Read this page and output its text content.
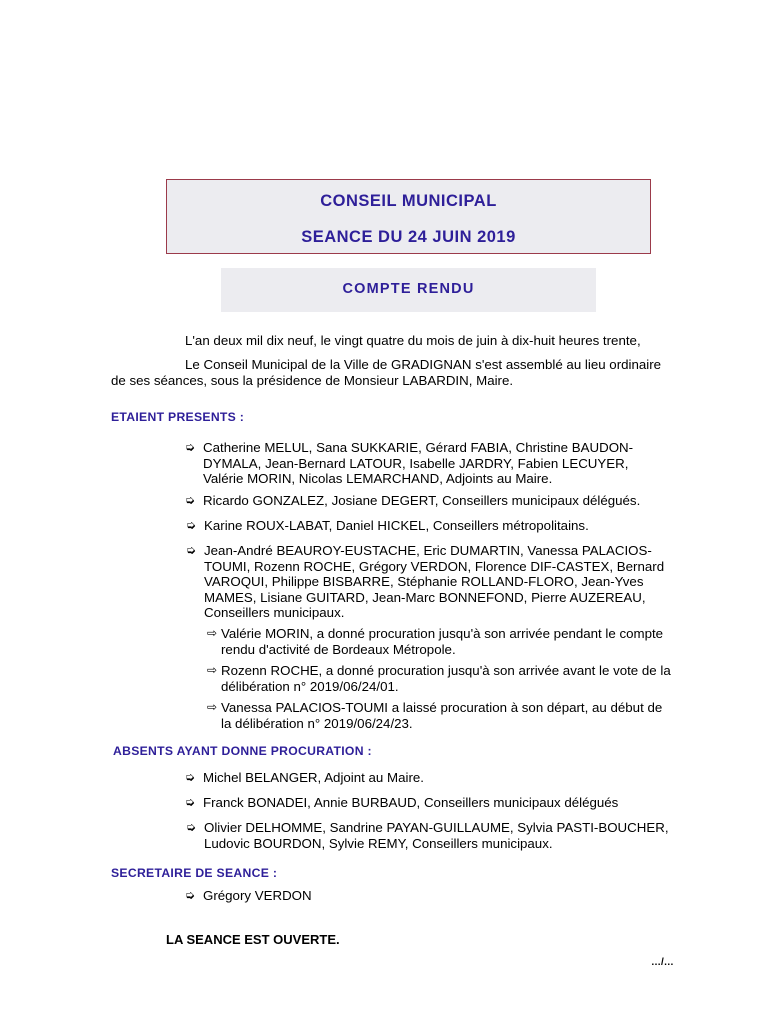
CONSEIL MUNICIPAL
SEANCE DU 24 JUIN 2019
COMPTE RENDU
L'an deux mil dix neuf, le vingt quatre du mois de juin à dix-huit heures trente,
Le Conseil Municipal de la Ville de GRADIGNAN s'est assemblé au lieu ordinaire
de ses séances, sous la présidence de Monsieur LABARDIN, Maire.
ETAIENT PRESENTS :
➭ Catherine MELUL, Sana SUKKARIE, Gérard FABIA, Christine BAUDON-
DYMALA, Jean-Bernard LATOUR, Isabelle JARDRY, Fabien LECUYER,
Valérie MORIN, Nicolas LEMARCHAND, Adjoints au Maire.
➭ Ricardo GONZALEZ, Josiane DEGERT, Conseillers municipaux délégués.
➭ Karine ROUX-LABAT, Daniel HICKEL, Conseillers métropolitains.
➭ Jean-André BEAUROY-EUSTACHE, Eric DUMARTIN, Vanessa PALACIOS-
TOUMI, Rozenn ROCHE, Grégory VERDON, Florence DIF-CASTEX, Bernard
VAROQUI, Philippe BISBARRE, Stéphanie ROLLAND-FLORO, Jean-Yves
MAMES, Lisiane GUITARD, Jean-Marc BONNEFOND, Pierre AUZEREAU,
Conseillers municipaux.
⇨ Valérie MORIN, a donné procuration jusqu'à son arrivée pendant le compte
rendu d'activité de Bordeaux Métropole.
⇨ Rozenn ROCHE, a donné procuration jusqu'à son arrivée avant le vote de la
délibération n° 2019/06/24/01.
⇨ Vanessa PALACIOS-TOUMI a laissé procuration à son départ, au début de
la délibération n° 2019/06/24/23.
ABSENTS AYANT DONNE PROCURATION :
➭ Michel BELANGER, Adjoint au Maire.
➭ Franck BONADEI, Annie BURBAUD, Conseillers municipaux délégués
➭ Olivier DELHOMME, Sandrine PAYAN-GUILLAUME, Sylvia PASTI-BOUCHER,
Ludovic BOURDON, Sylvie REMY, Conseillers municipaux.
SECRETAIRE DE SEANCE :
➭ Grégory VERDON
LA SEANCE EST OUVERTE.
…/…
